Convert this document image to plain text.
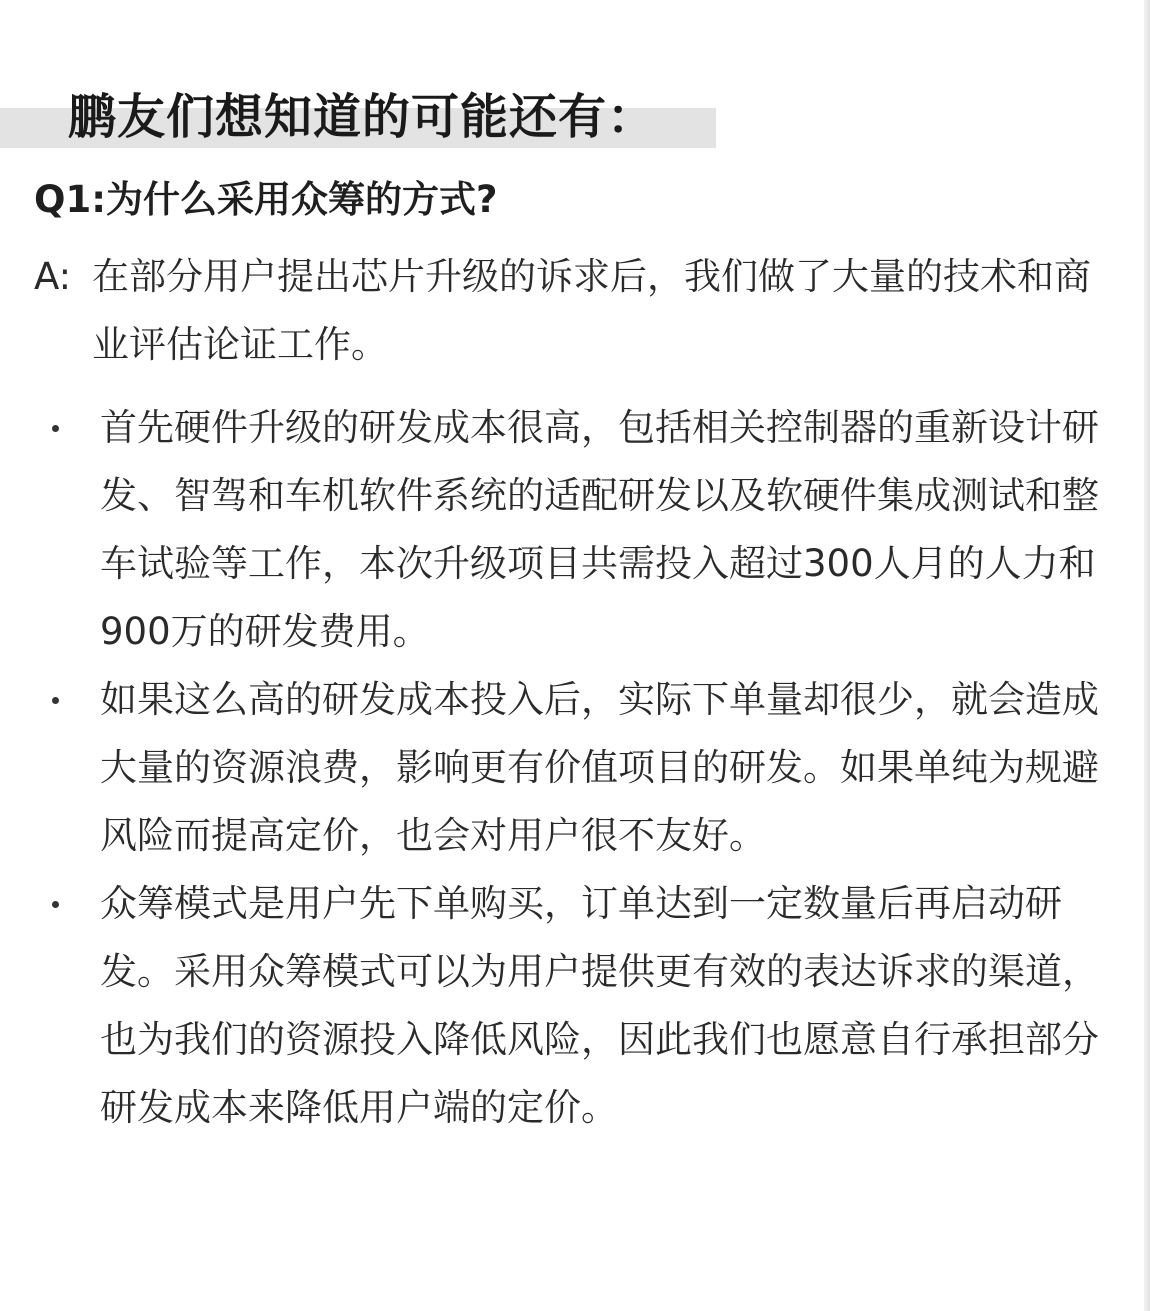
鹏友们想知道的可能还有：
Q1:为什么采用众筹的方式?
A: 在部分用户提出芯片升级的诉求后，我们做了大量的技术和商业评估论证工作。
首先硬件升级的研发成本很高，包括相关控制器的重新设计研发、智驾和车机软件系统的适配研发以及软硬件集成测试和整车试验等工作，本次升级项目共需投入超过300人月的人力和900万的研发费用。
如果这么高的研发成本投入后，实际下单量却很少，就会造成大量的资源浪费，影响更有价值项目的研发。如果单纯为规避风险而提高定价，也会对用户很不友好。
众筹模式是用户先下单购买，订单达到一定数量后再启动研发。采用众筹模式可以为用户提供更有效的表达诉求的渠道，也为我们的资源投入降低风险，因此我们也愿意自行承担部分研发成本来降低用户端的定价。
